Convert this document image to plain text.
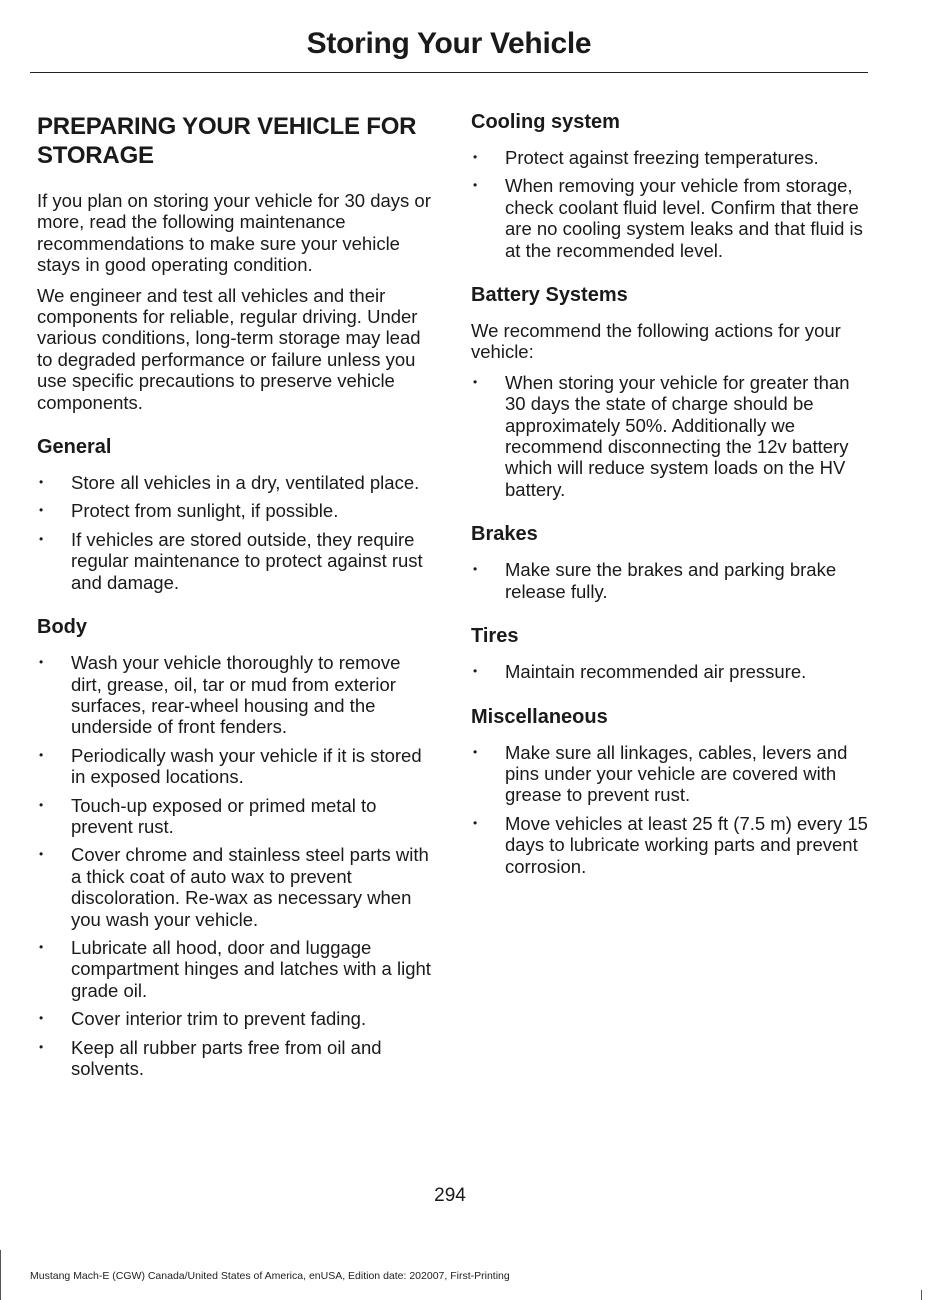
Storing Your Vehicle
PREPARING YOUR VEHICLE FOR STORAGE

If you plan on storing your vehicle for 30 days or more, read the following maintenance recommendations to make sure your vehicle stays in good operating condition.

We engineer and test all vehicles and their components for reliable, regular driving. Under various conditions, long-term storage may lead to degraded performance or failure unless you use specific precautions to preserve vehicle components.

General
• Store all vehicles in a dry, ventilated place.
• Protect from sunlight, if possible.
• If vehicles are stored outside, they require regular maintenance to protect against rust and damage.
Body
• Wash your vehicle thoroughly to remove dirt, grease, oil, tar or mud from exterior surfaces, rear-wheel housing and the underside of front fenders.
• Periodically wash your vehicle if it is stored in exposed locations.
• Touch-up exposed or primed metal to prevent rust.
• Cover chrome and stainless steel parts with a thick coat of auto wax to prevent discoloration. Re-wax as necessary when you wash your vehicle.
• Lubricate all hood, door and luggage compartment hinges and latches with a light grade oil.
• Cover interior trim to prevent fading.
• Keep all rubber parts free from oil and solvents.
Cooling system
• Protect against freezing temperatures.
• When removing your vehicle from storage, check coolant fluid level. Confirm that there are no cooling system leaks and that fluid is at the recommended level.
Battery Systems

We recommend the following actions for your vehicle:

• When storing your vehicle for greater than 30 days the state of charge should be approximately 50%. Additionally we recommend disconnecting the 12v battery which will reduce system loads on the HV battery.
Brakes
• Make sure the brakes and parking brake release fully.
Tires
• Maintain recommended air pressure.
Miscellaneous
• Make sure all linkages, cables, levers and pins under your vehicle are covered with grease to prevent rust.
• Move vehicles at least 25 ft (7.5 m) every 15 days to lubricate working parts and prevent corrosion.
294
Mustang Mach-E (CGW) Canada/United States of America, enUSA, Edition date: 202007, First-Printing
